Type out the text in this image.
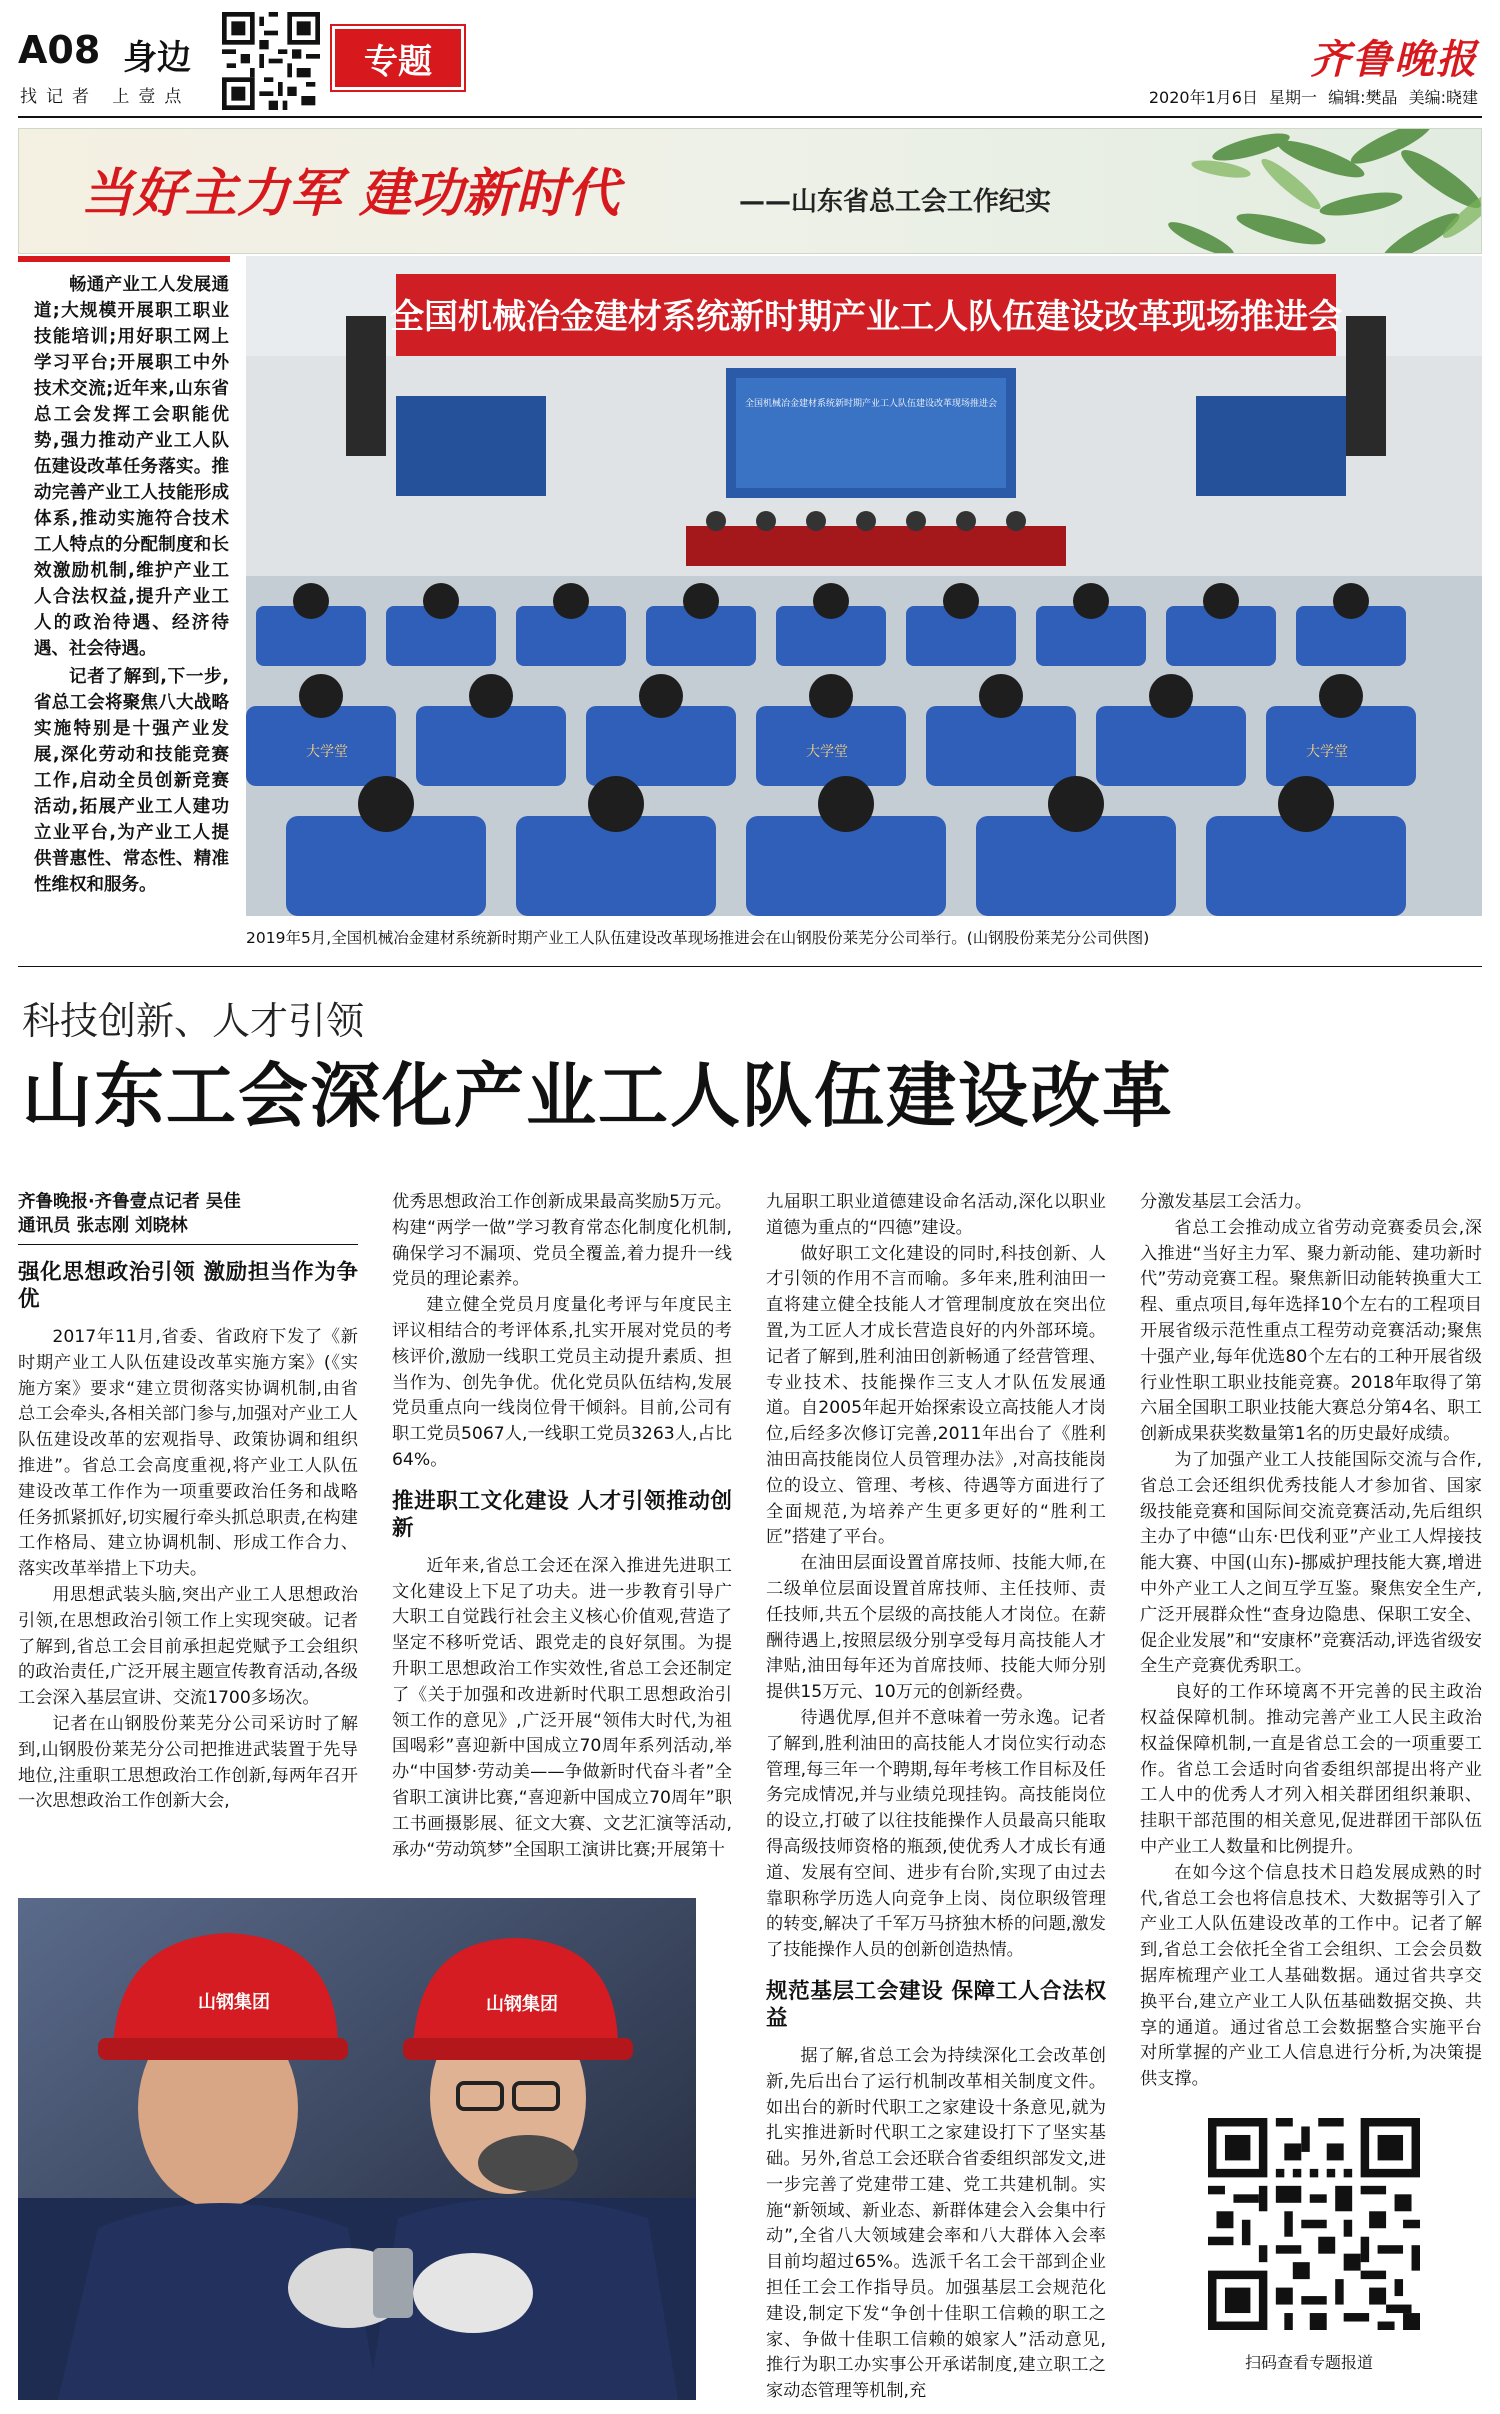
A08 身边
找记者 上壹点
专题	齐鲁晚报
2020年1月6日 星期一 编辑:樊晶 美编:晓建
当好主力军 建功新时代	——山东省总工会工作纪实

畅通产业工人发展通道;大规模开展职工职业技能培训;用好职工网上学习平台;开展职工中外技术交流;近年来,山东省总工会发挥工会职能优势,强力推动产业工人队伍建设改革任务落实。推动完善产业工人技能形成体系,推动实施符合技术工人特点的分配制度和长效激励机制,维护产业工人合法权益,提升产业工人的政治待遇、经济待遇、社会待遇。

记者了解到,下一步,省总工会将聚焦八大战略实施特别是十强产业发展,深化劳动和技能竞赛工作,启动全员创新竞赛活动,拓展产业工人建功立业平台,为产业工人提供普惠性、常态性、精准性维权和服务。

全国机械冶金建材系统新时期产业工人队伍建设改革现场推进会
全国机械冶金建材系统新时期产业工人队伍建设改革现场推进会
大学堂	大学堂	大学堂
2019年5月,全国机械冶金建材系统新时期产业工人队伍建设改革现场推进会在山钢股份莱芜分公司举行。(山钢股份莱芜分公司供图)
科技创新、人才引领
山东工会深化产业工人队伍建设改革
齐鲁晚报·齐鲁壹点记者 吴佳
通讯员 张志刚 刘晓林
强化思想政治引领 激励担当作为争优

2017年11月,省委、省政府下发了《新时期产业工人队伍建设改革实施方案》(《实施方案》要求“建立贯彻落实协调机制,由省总工会牵头,各相关部门参与,加强对产业工人队伍建设改革的宏观指导、政策协调和组织推进”。省总工会高度重视,将产业工人队伍建设改革工作作为一项重要政治任务和战略任务抓紧抓好,切实履行牵头抓总职责,在构建工作格局、建立协调机制、形成工作合力、落实改革举措上下功夫。

用思想武装头脑,突出产业工人思想政治引领,在思想政治引领工作上实现突破。记者了解到,省总工会目前承担起党赋予工会组织的政治责任,广泛开展主题宣传教育活动,各级工会深入基层宣讲、交流1700多场次。

记者在山钢股份莱芜分公司采访时了解到,山钢股份莱芜分公司把推进武装置于先导地位,注重职工思想政治工作创新,每两年召开一次思想政治工作创新大会,

优秀思想政治工作创新成果最高奖励5万元。构建“两学一做”学习教育常态化制度化机制,确保学习不漏项、党员全覆盖,着力提升一线党员的理论素养。

建立健全党员月度量化考评与年度民主评议相结合的考评体系,扎实开展对党员的考核评价,激励一线职工党员主动提升素质、担当作为、创先争优。优化党员队伍结构,发展党员重点向一线岗位骨干倾斜。目前,公司有职工党员5067人,一线职工党员3263人,占比64%。

推进职工文化建设 人才引领推动创新

近年来,省总工会还在深入推进先进职工文化建设上下足了功夫。进一步教育引导广大职工自觉践行社会主义核心价值观,营造了坚定不移听党话、跟党走的良好氛围。为提升职工思想政治工作实效性,省总工会还制定了《关于加强和改进新时代职工思想政治引领工作的意见》,广泛开展“领伟大时代,为祖国喝彩”喜迎新中国成立70周年系列活动,举办“中国梦·劳动美——争做新时代奋斗者”全省职工演讲比赛,“喜迎新中国成立70周年”职工书画摄影展、征文大赛、文艺汇演等活动,承办“劳动筑梦”全国职工演讲比赛;开展第十

九届职工职业道德建设命名活动,深化以职业道德为重点的“四德”建设。

做好职工文化建设的同时,科技创新、人才引领的作用不言而喻。多年来,胜利油田一直将建立健全技能人才管理制度放在突出位置,为工匠人才成长营造良好的内外部环境。记者了解到,胜利油田创新畅通了经营管理、专业技术、技能操作三支人才队伍发展通道。自2005年起开始探索设立高技能人才岗位,后经多次修订完善,2011年出台了《胜利油田高技能岗位人员管理办法》,对高技能岗位的设立、管理、考核、待遇等方面进行了全面规范,为培养产生更多更好的“胜利工匠”搭建了平台。

在油田层面设置首席技师、技能大师,在二级单位层面设置首席技师、主任技师、责任技师,共五个层级的高技能人才岗位。在薪酬待遇上,按照层级分别享受每月高技能人才津贴,油田每年还为首席技师、技能大师分别提供15万元、10万元的创新经费。

待遇优厚,但并不意味着一劳永逸。记者了解到,胜利油田的高技能人才岗位实行动态管理,每三年一个聘期,每年考核工作目标及任务完成情况,并与业绩兑现挂钩。高技能岗位的设立,打破了以往技能操作人员最高只能取得高级技师资格的瓶颈,使优秀人才成长有通道、发展有空间、进步有台阶,实现了由过去靠职称学历选人向竞争上岗、岗位职级管理的转变,解决了千军万马挤独木桥的问题,激发了技能操作人员的创新创造热情。

规范基层工会建设 保障工人合法权益

据了解,省总工会为持续深化工会改革创新,先后出台了运行机制改革相关制度文件。如出台的新时代职工之家建设十条意见,就为扎实推进新时代职工之家建设打下了坚实基础。另外,省总工会还联合省委组织部发文,进一步完善了党建带工建、党工共建机制。实施“新领域、新业态、新群体建会入会集中行动”,全省八大领域建会率和八大群体入会率目前均超过65%。选派千名工会干部到企业担任工会工作指导员。加强基层工会规范化建设,制定下发“争创十佳职工信赖的职工之家、争做十佳职工信赖的娘家人”活动意见,推行为职工办实事公开承诺制度,建立职工之家动态管理等机制,充

分激发基层工会活力。

省总工会推动成立省劳动竞赛委员会,深入推进“当好主力军、聚力新动能、建功新时代”劳动竞赛工程。聚焦新旧动能转换重大工程、重点项目,每年选择10个左右的工程项目开展省级示范性重点工程劳动竞赛活动;聚焦十强产业,每年优选80个左右的工种开展省级行业性职工职业技能竞赛。2018年取得了第六届全国职工职业技能大赛总分第4名、职工创新成果获奖数量第1名的历史最好成绩。

为了加强产业工人技能国际交流与合作,省总工会还组织优秀技能人才参加省、国家级技能竞赛和国际间交流竞赛活动,先后组织主办了中德“山东·巴伐利亚”产业工人焊接技能大赛、中国(山东)-挪威护理技能大赛,增进中外产业工人之间互学互鉴。聚焦安全生产,广泛开展群众性“查身边隐患、保职工安全、促企业发展”和“安康杯”竞赛活动,评选省级安全生产竞赛优秀职工。

良好的工作环境离不开完善的民主政治权益保障机制。推动完善产业工人民主政治权益保障机制,一直是省总工会的一项重要工作。省总工会适时向省委组织部提出将产业工人中的优秀人才列入相关群团组织兼职、挂职干部范围的相关意见,促进群团干部队伍中产业工人数量和比例提升。

在如今这个信息技术日趋发展成熟的时代,省总工会也将信息技术、大数据等引入了产业工人队伍建设改革的工作中。记者了解到,省总工会依托全省工会组织、工会会员数据库梳理产业工人基础数据。通过省共享交换平台,建立产业工人队伍基础数据交换、共享的通道。通过省总工会数据整合实施平台对所掌握的产业工人信息进行分析,为决策提供支撑。

山钢集团	山钢集团
扫码查看专题报道
